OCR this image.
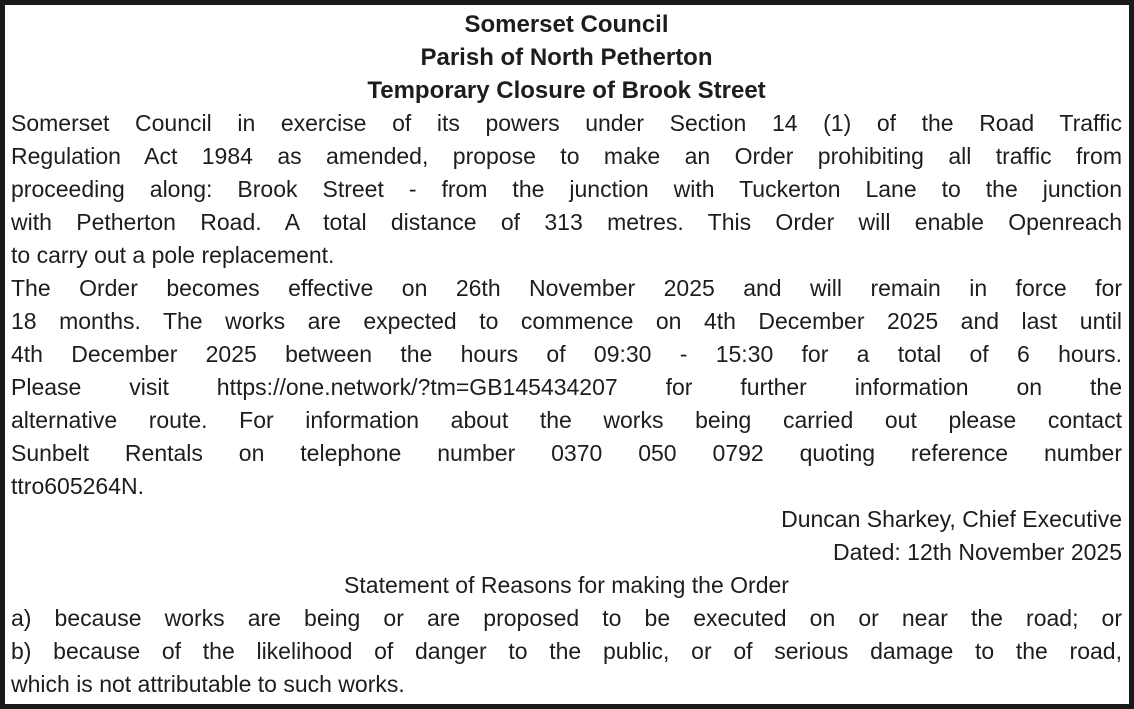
Somerset Council
Parish of North Petherton
Temporary Closure of Brook Street
Somerset Council in exercise of its powers under Section 14 (1) of the Road Traffic
Regulation Act 1984 as amended, propose to make an Order prohibiting all traffic from
proceeding along: Brook Street - from the junction with Tuckerton Lane to the junction
with Petherton Road. A total distance of 313 metres. This Order will enable Openreach
to carry out a pole replacement.
The Order becomes effective on 26th November 2025 and will remain in force for
18 months. The works are expected to commence on 4th December 2025 and last until
4th December 2025 between the hours of 09:30 - 15:30 for a total of 6 hours.
Please visit https://one.network/?tm=GB145434207 for further information on the
alternative route. For information about the works being carried out please contact
Sunbelt Rentals on telephone number 0370 050 0792 quoting reference number
ttro605264N.
Duncan Sharkey, Chief Executive
Dated: 12th November 2025
Statement of Reasons for making the Order
a) because works are being or are proposed to be executed on or near the road; or
b) because of the likelihood of danger to the public, or of serious damage to the road,
which is not attributable to such works.
